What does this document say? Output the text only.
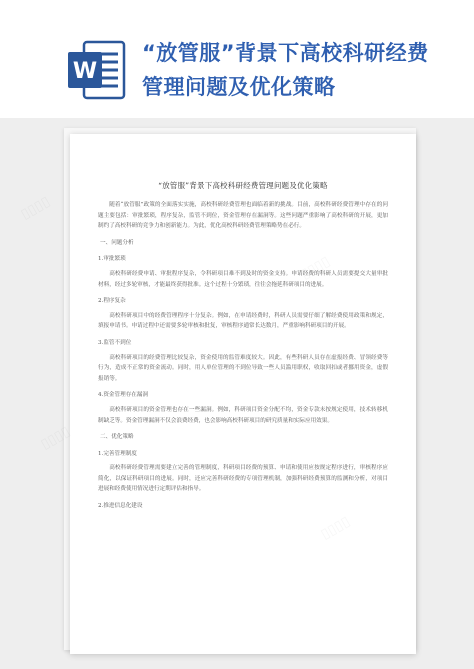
W
“放管服”背景下高校科研经费管理问题及优化策略
“放管服”背景下高校科研经费管理问题及优化策略
随着“放管服”政策的全面落实实施，高校科研经费管理也面临着新的挑战。目前，高校科研经费管理中存在的问题主要包括：审批繁琐，程序复杂，监管不到位，资金管理存在漏洞等。这些问题严重影响了高校科研的开展，更加制约了高校科研的竞争力和创新能力。为此，优化高校科研经费管理策略势在必行。
一、问题分析
1.审批繁琐
高校科研经费申请、审批程序复杂，令科研项目难不到及时的资金支持。申请经费的科研人员需要提交大量审批材料，经过多轮审核，才能最终获得批准。这个过程十分繁琐，往往会拖延科研项目的进展。
2.程序复杂
高校科研项目中的经费管理程序十分复杂。例如，在申请经费时，科研人员需要仔细了解经费使用政策和规定，填报申请书。申请过程中还需要多轮审核和批复，审核程序通常长达数月，严重影响科研项目的开展。
3.监管不到位
高校科研项目的经费管理比较复杂，资金使用的监管难度较大。因此，有些科研人员存在虚报经费、冒领经费等行为，造成不正常的资金流动。同时，用人单位管理的不到位导致一些人员滥用职权，收取回扣或者挪用资金，虚假报销等。
4.资金管理存在漏洞
高校科研项目的资金管理也存在一些漏洞。例如，科研项目资金分配不均，资金专款未按规定使用，技术转移机制缺乏等。资金管理漏洞不仅会浪费经费，也会影响高校科研项目的研究质量和实际应用效果。
二、优化策略
1.完善管理制度
高校科研经费管理需要建立完善的管理制度，科研项目经费的预算、申请和使用应按规定程序进行，审核程序应简化，以保证科研项目的进展。同时，还应完善科研经费的专项管理机制，加强科研经费预算的监测和分析，对项目进展和经费使用情况进行定期评估和指导。
2.推进信息化建设
